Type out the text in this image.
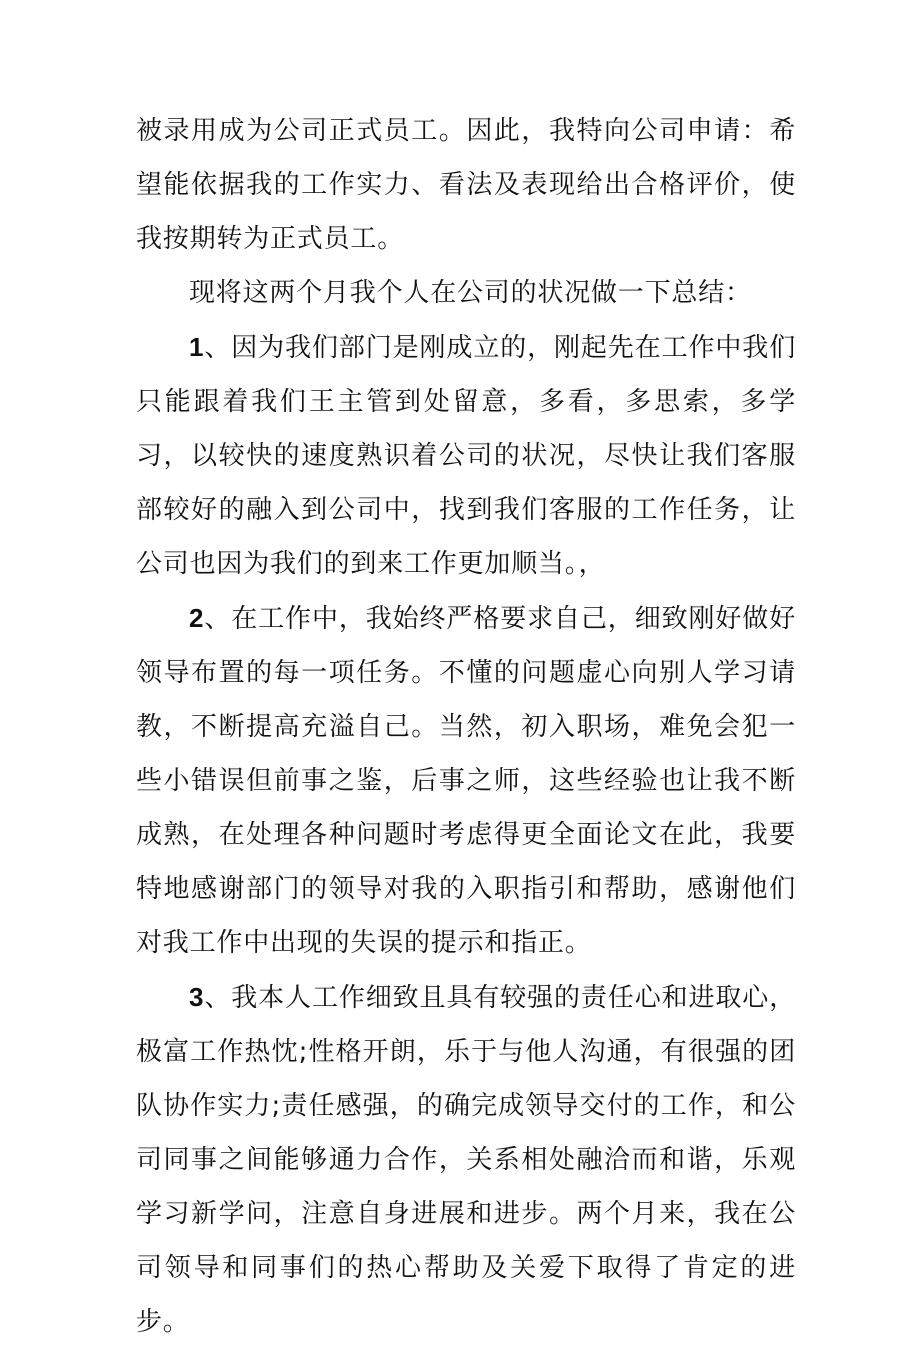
被录用成为公司正式员工。因此，我特向公司申请：希望能依据我的工作实力、看法及表现给出合格评价，使我按期转为正式员工。

现将这两个月我个人在公司的状况做一下总结：

1、因为我们部门是刚成立的，刚起先在工作中我们只能跟着我们王主管到处留意，多看，多思索，多学习，以较快的速度熟识着公司的状况，尽快让我们客服部较好的融入到公司中，找到我们客服的工作任务，让公司也因为我们的到来工作更加顺当。，

2、在工作中，我始终严格要求自己，细致刚好做好领导布置的每一项任务。不懂的问题虚心向别人学习请教，不断提高充溢自己。当然，初入职场，难免会犯一些小错误但前事之鉴，后事之师，这些经验也让我不断成熟，在处理各种问题时考虑得更全面论文在此，我要特地感谢部门的领导对我的入职指引和帮助，感谢他们对我工作中出现的失误的提示和指正。

3、我本人工作细致且具有较强的责任心和进取心，极富工作热忱;性格开朗，乐于与他人沟通，有很强的团队协作实力;责任感强，的确完成领导交付的工作，和公司同事之间能够通力合作，关系相处融洽而和谐，乐观学习新学问，注意自身进展和进步。两个月来，我在公司领导和同事们的热心帮助及关爱下取得了肯定的进步。
